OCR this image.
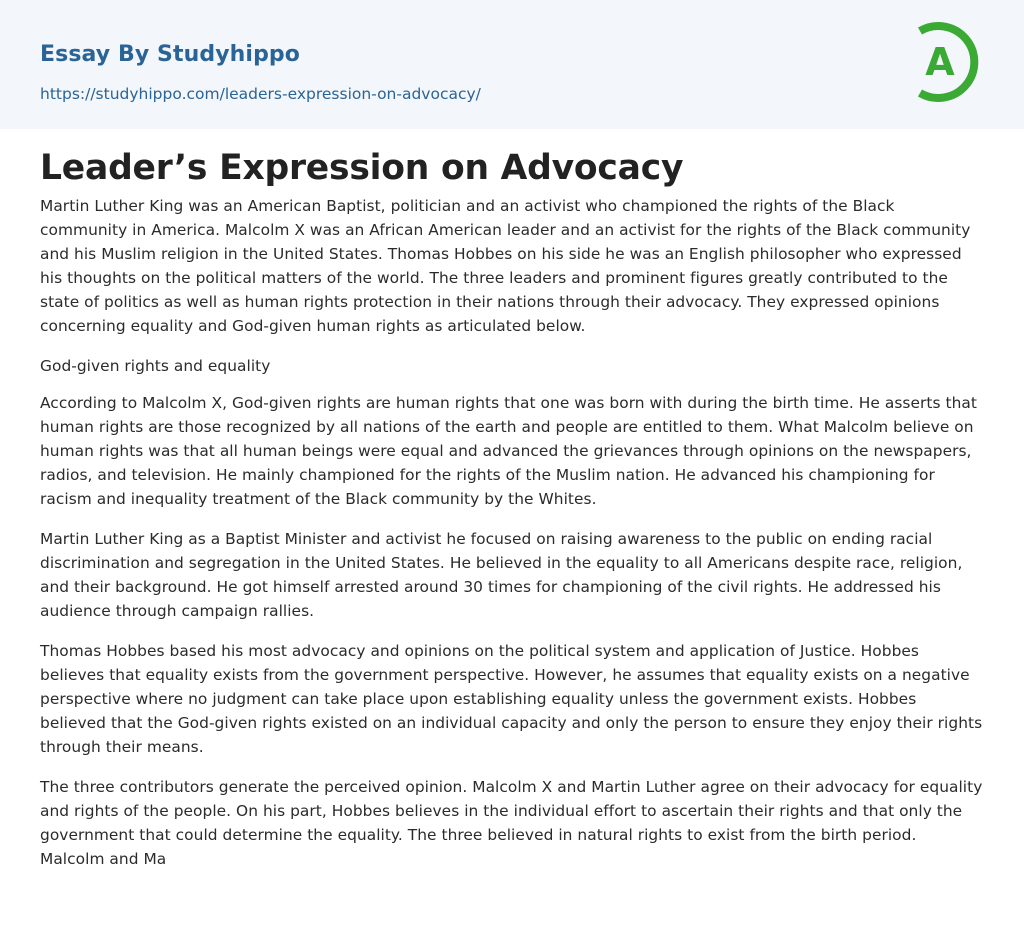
Essay By Studyhippo
https://studyhippo.com/leaders-expression-on-advocacy/
A
Leader’s Expression on Advocacy

Martin Luther King was an American Baptist, politician and an activist who championed the rights of the Black community in America. Malcolm X was an African American leader and an activist for the rights of the Black community and his Muslim religion in the United States. Thomas Hobbes on his side he was an English philosopher who expressed his thoughts on the political matters of the world. The three leaders and prominent figures greatly contributed to the state of politics as well as human rights protection in their nations through their advocacy. They expressed opinions concerning equality and God-given human rights as articulated below.

God-given rights and equality

According to Malcolm X, God-given rights are human rights that one was born with during the birth time. He asserts that human rights are those recognized by all nations of the earth and people are entitled to them. What Malcolm believe on human rights was that all human beings were equal and advanced the grievances through opinions on the newspapers, radios, and television. He mainly championed for the rights of the Muslim nation. He advanced his championing for racism and inequality treatment of the Black community by the Whites.

Martin Luther King as a Baptist Minister and activist he focused on raising awareness to the public on ending racial discrimination and segregation in the United States. He believed in the equality to all Americans despite race, religion, and their background. He got himself arrested around 30 times for championing of the civil rights. He addressed his audience through campaign rallies.

Thomas Hobbes based his most advocacy and opinions on the political system and application of Justice. Hobbes believes that equality exists from the government perspective. However, he assumes that equality exists on a negative perspective where no judgment can take place upon establishing equality unless the government exists. Hobbes believed that the God-given rights existed on an individual capacity and only the person to ensure they enjoy their rights through their means.

The three contributors generate the perceived opinion. Malcolm X and Martin Luther agree on their advocacy for equality and rights of the people. On his part, Hobbes believes in the individual effort to ascertain their rights and that only the government that could determine the equality. The three believed in natural rights to exist from the birth period. Malcolm and Ma
